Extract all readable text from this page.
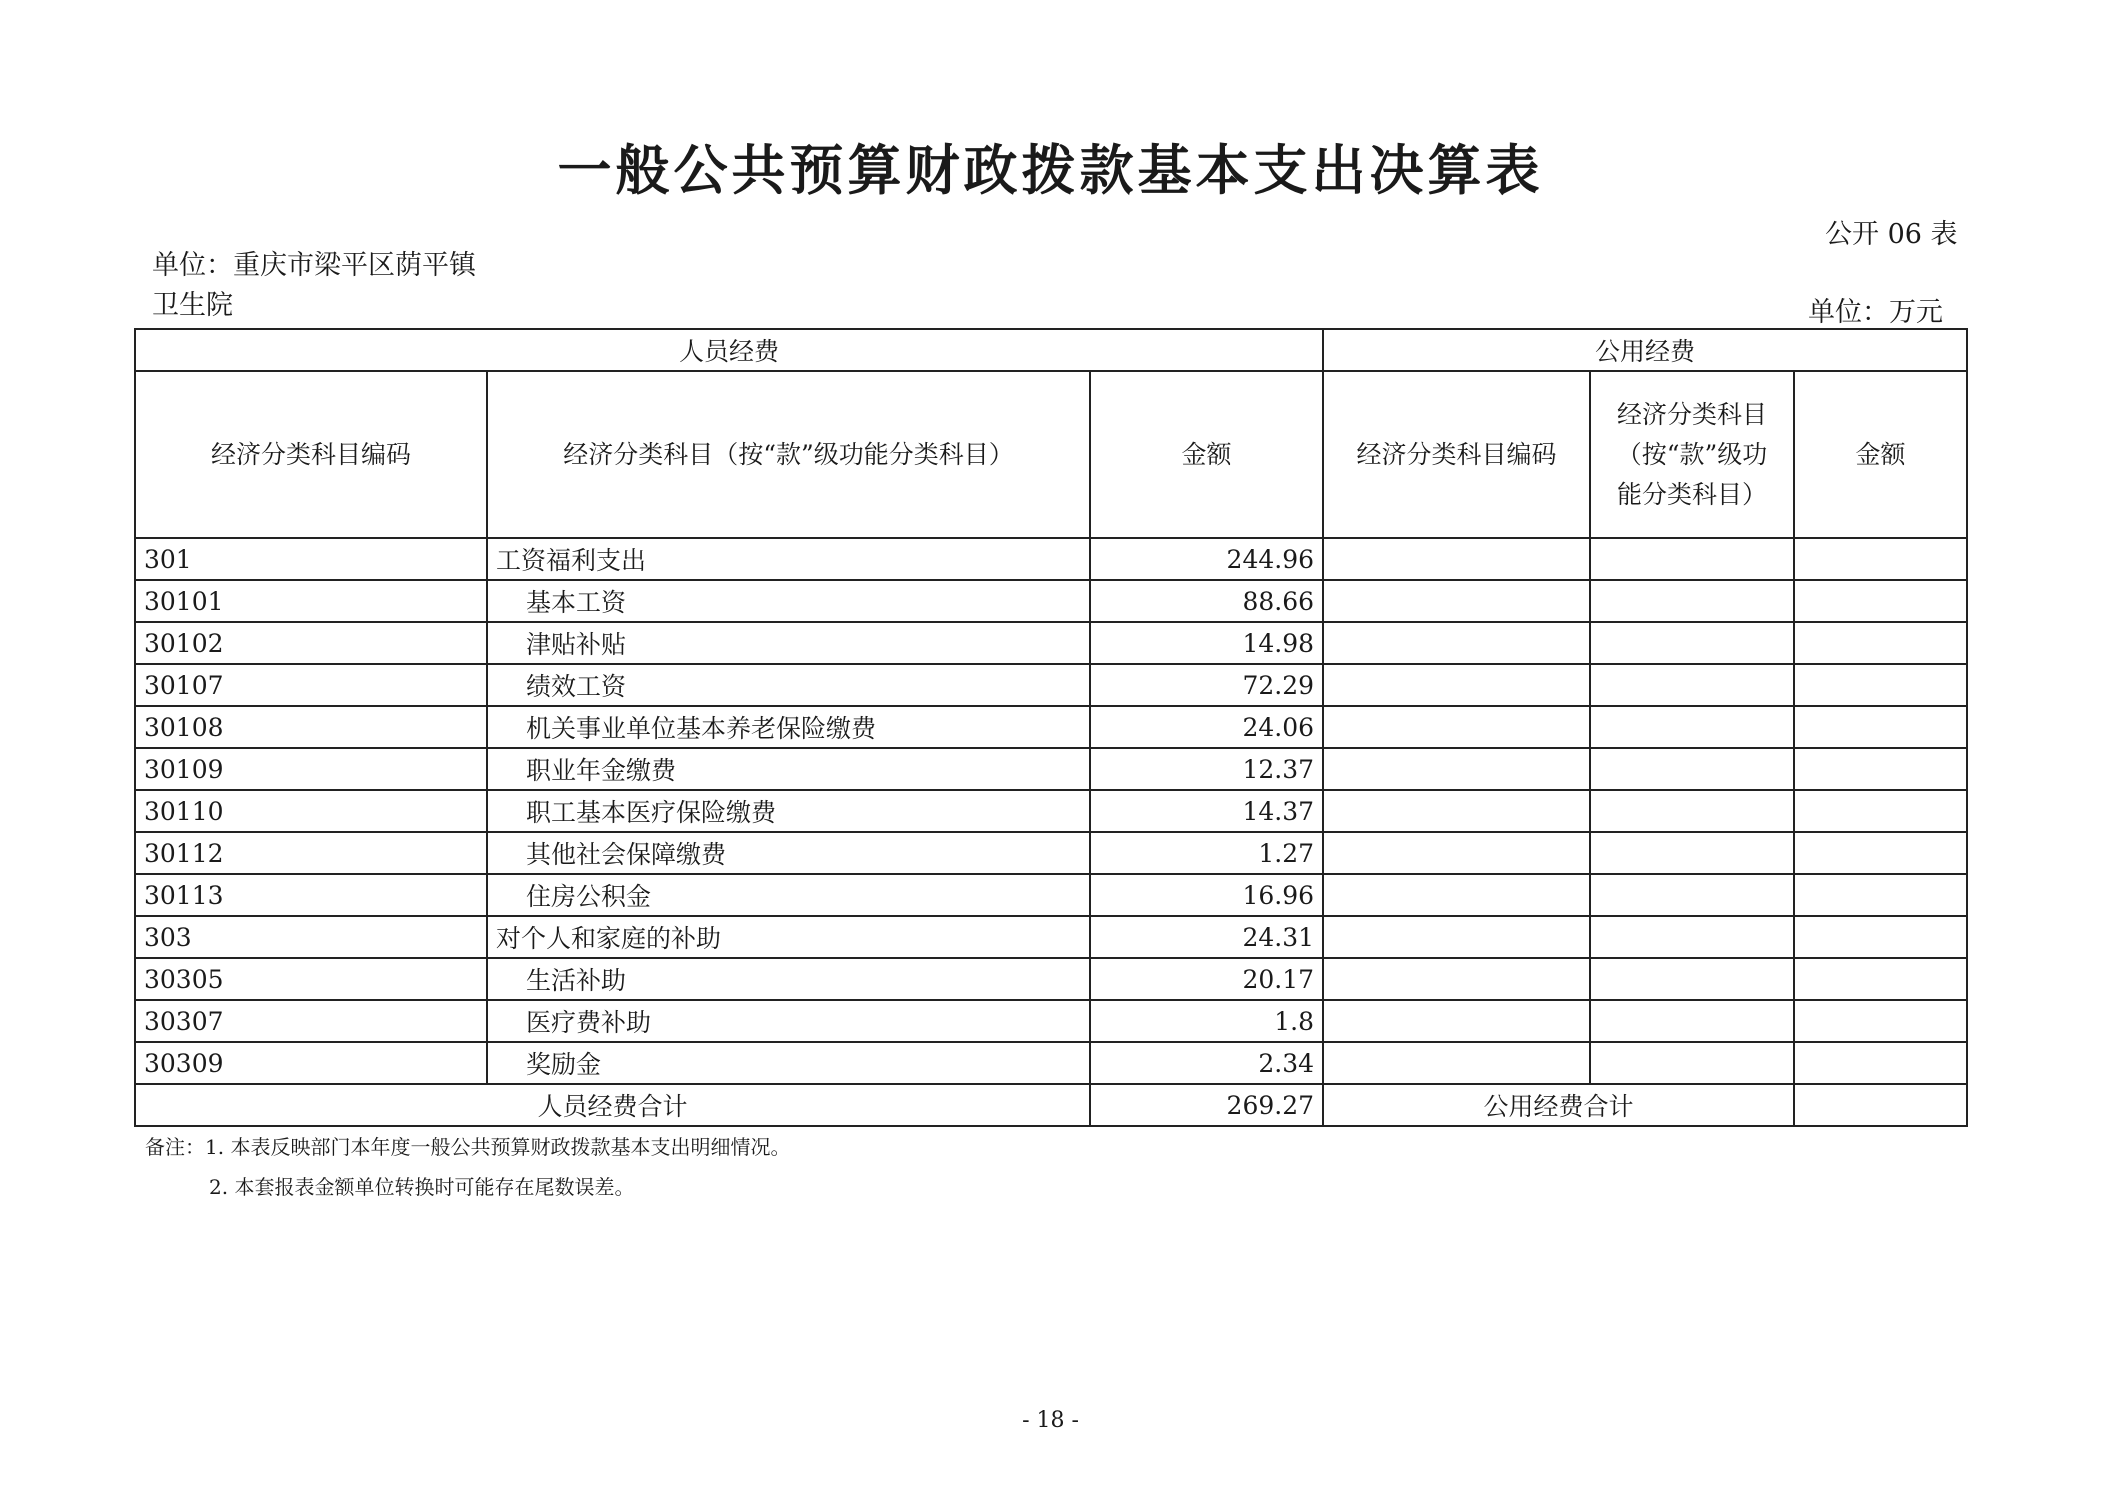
一般公共预算财政拨款基本支出决算表
公开 06 表
单位：重庆市梁平区荫平镇卫生院	单位：万元
人员经费			公用经费		
经济分类科目编码	经济分类科目（按“款”级功能分类科目）	金额	经济分类科目编码	经济分类科目（按“款”级功能分类科目）	金额
301	工资福利支出	244.96			
30101	基本工资	88.66			
30102	津贴补贴	14.98			
30107	绩效工资	72.29			
30108	机关事业单位基本养老保险缴费	24.06			
30109	职业年金缴费	12.37			
30110	职工基本医疗保险缴费	14.37			
30112	其他社会保障缴费	1.27			
30113	住房公积金	16.96			
303	对个人和家庭的补助	24.31			
30305	生活补助	20.17			
30307	医疗费补助	1.8			
30309	奖励金	2.34			
人员经费合计		269.27	公用经费合计		
备注：1. 本表反映部门本年度一般公共预算财政拨款基本支出明细情况。
2. 本套报表金额单位转换时可能存在尾数误差。
- 18 -
